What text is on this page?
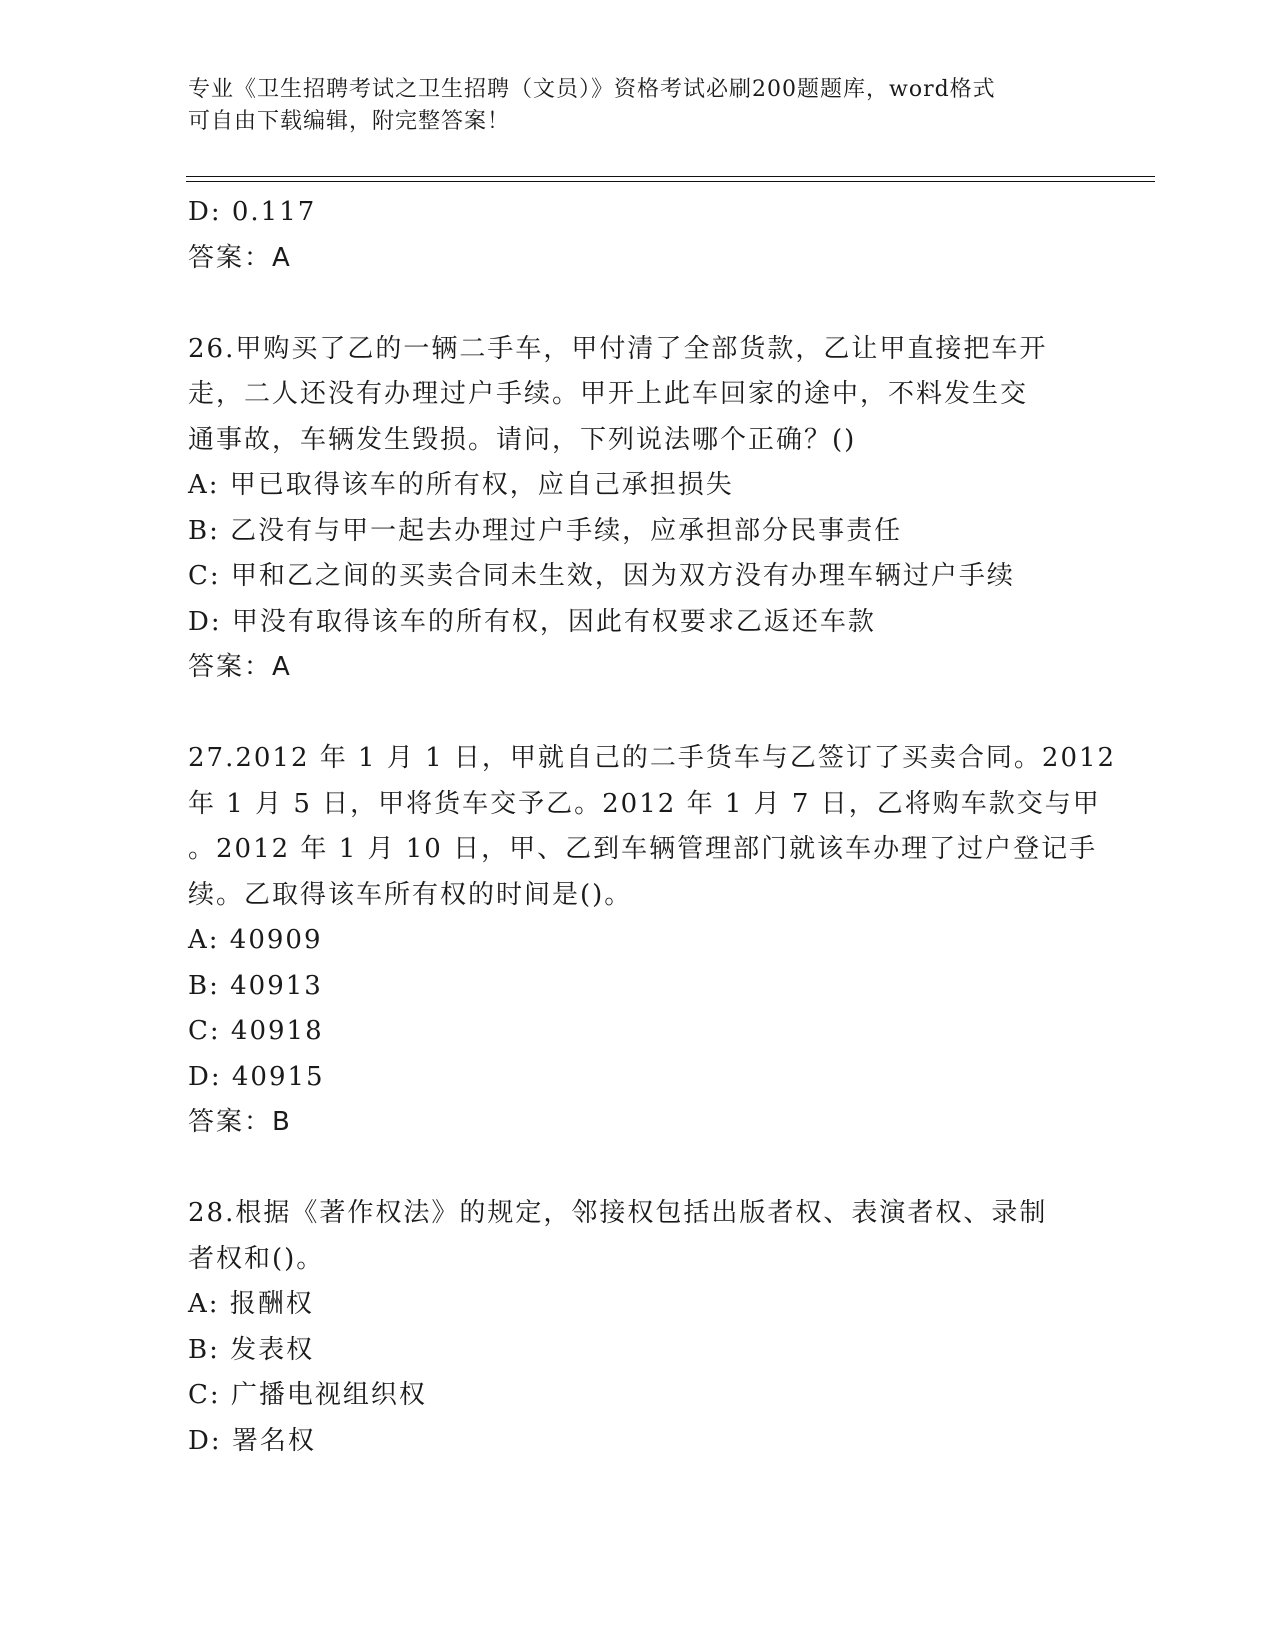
专业《卫生招聘考试之卫生招聘（文员）》资格考试必刷200题题库，word格式
可自由下载编辑，附完整答案！
D: 0.117
答案：A
26.甲购买了乙的一辆二手车，甲付清了全部货款，乙让甲直接把车开
走，二人还没有办理过户手续。甲开上此车回家的途中，不料发生交
通事故，车辆发生毁损。请问，下列说法哪个正确？()
A: 甲已取得该车的所有权，应自己承担损失
B: 乙没有与甲一起去办理过户手续，应承担部分民事责任
C: 甲和乙之间的买卖合同未生效，因为双方没有办理车辆过户手续
D: 甲没有取得该车的所有权，因此有权要求乙返还车款
答案：A
27.2012 年 1 月 1 日，甲就自己的二手货车与乙签订了买卖合同。2012
年 1 月 5 日，甲将货车交予乙。2012 年 1 月 7 日，乙将购车款交与甲
。2012 年 1 月 10 日，甲、乙到车辆管理部门就该车办理了过户登记手
续。乙取得该车所有权的时间是()。
A: 40909
B: 40913
C: 40918
D: 40915
答案：B
28.根据《著作权法》的规定，邻接权包括出版者权、表演者权、录制
者权和()。
A: 报酬权
B: 发表权
C: 广播电视组织权
D: 署名权
